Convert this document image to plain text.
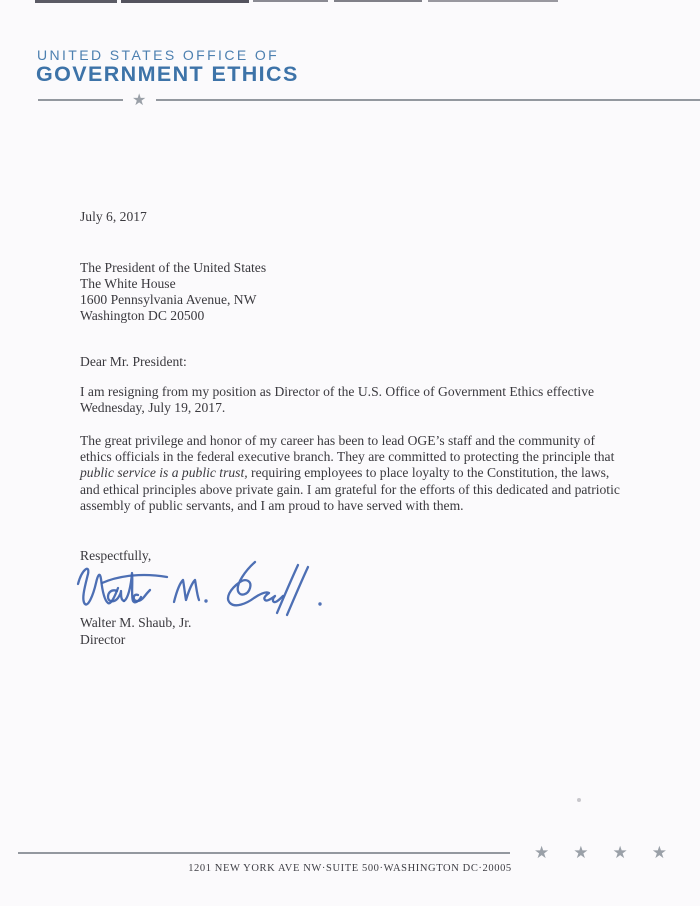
UNITED STATES OFFICE OF
GOVERNMENT ETHICS
★
July 6, 2017
The President of the United States
The White House
1600 Pennsylvania Avenue, NW
Washington DC 20500
Dear Mr. President:
I am resigning from my position as Director of the U.S. Office of Government Ethics effective Wednesday, July 19, 2017.
The great privilege and honor of my career has been to lead OGE’s staff and the community of ethics officials in the federal executive branch. They are committed to protecting the principle that public service is a public trust, requiring employees to place loyalty to the Constitution, the laws, and ethical principles above private gain. I am grateful for the efforts of this dedicated and patriotic assembly of public servants, and I am proud to have served with them.
Respectfully,
Walter M. Shaub, Jr.
Director
★ ★ ★ ★
1201 NEW YORK AVE NW·SUITE 500·WASHINGTON DC·20005
